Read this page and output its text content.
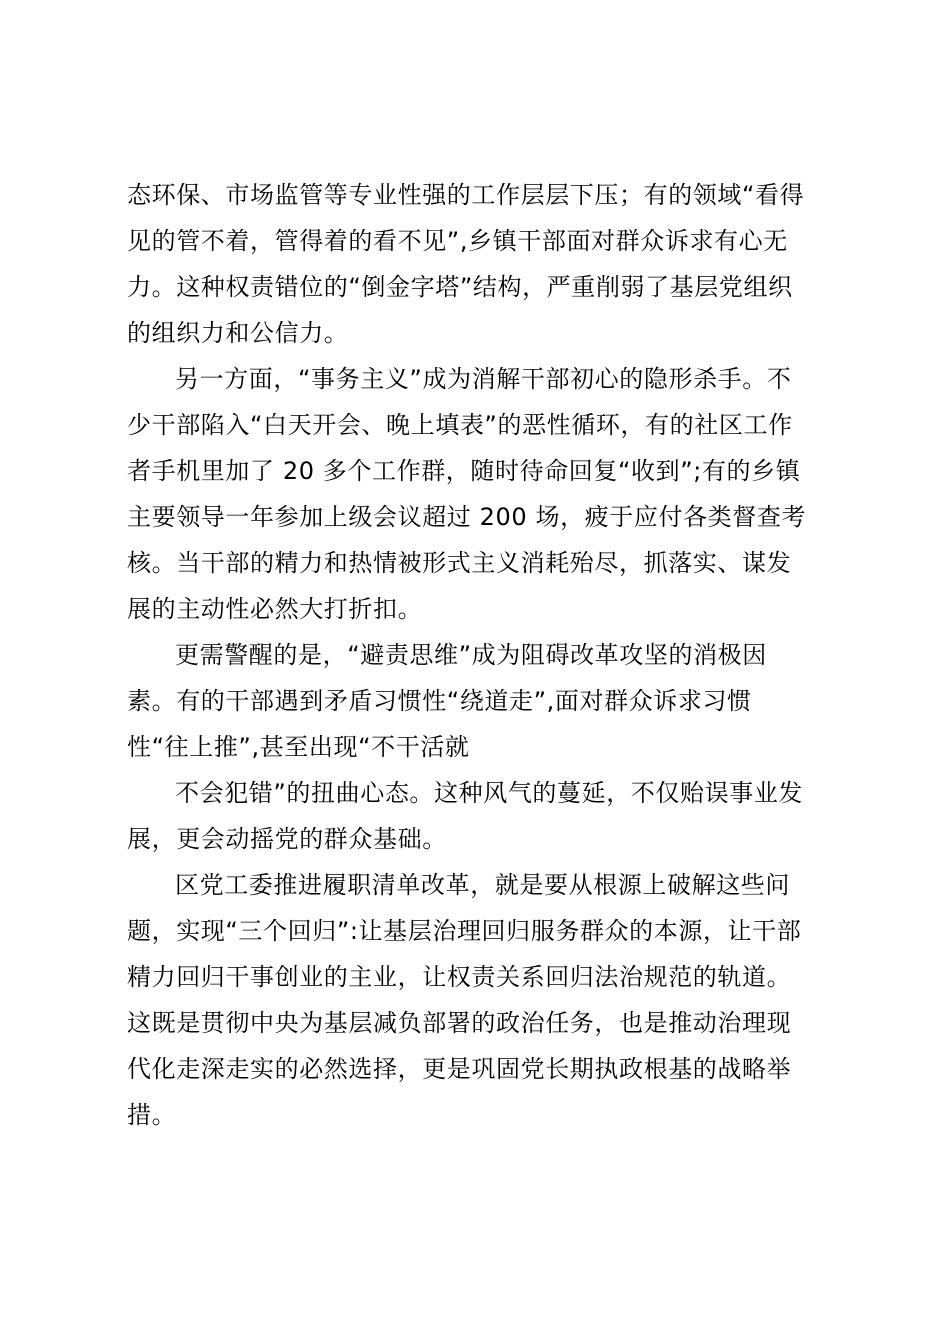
态环保、市场监管等专业性强的工作层层下压；有的领域“看得
见的管不着，管得着的看不见”,乡镇干部面对群众诉求有心无
力。这种权责错位的“倒金字塔”结构，严重削弱了基层党组织
的组织力和公信力。
另一方面，“事务主义”成为消解干部初心的隐形杀手。不
少干部陷入“白天开会、晚上填表”的恶性循环，有的社区工作
者手机里加了 20 多个工作群，随时待命回复“收到”;有的乡镇
主要领导一年参加上级会议超过 200 场，疲于应付各类督查考
核。当干部的精力和热情被形式主义消耗殆尽，抓落实、谋发
展的主动性必然大打折扣。
更需警醒的是，“避责思维”成为阻碍改革攻坚的消极因
素。有的干部遇到矛盾习惯性“绕道走”,面对群众诉求习惯
性“往上推”,甚至出现“不干活就
不会犯错”的扭曲心态。这种风气的蔓延，不仅贻误事业发
展，更会动摇党的群众基础。
区党工委推进履职清单改革，就是要从根源上破解这些问
题，实现“三个回归”:让基层治理回归服务群众的本源，让干部
精力回归干事创业的主业，让权责关系回归法治规范的轨道。
这既是贯彻中央为基层减负部署的政治任务，也是推动治理现
代化走深走实的必然选择，更是巩固党长期执政根基的战略举
措。
